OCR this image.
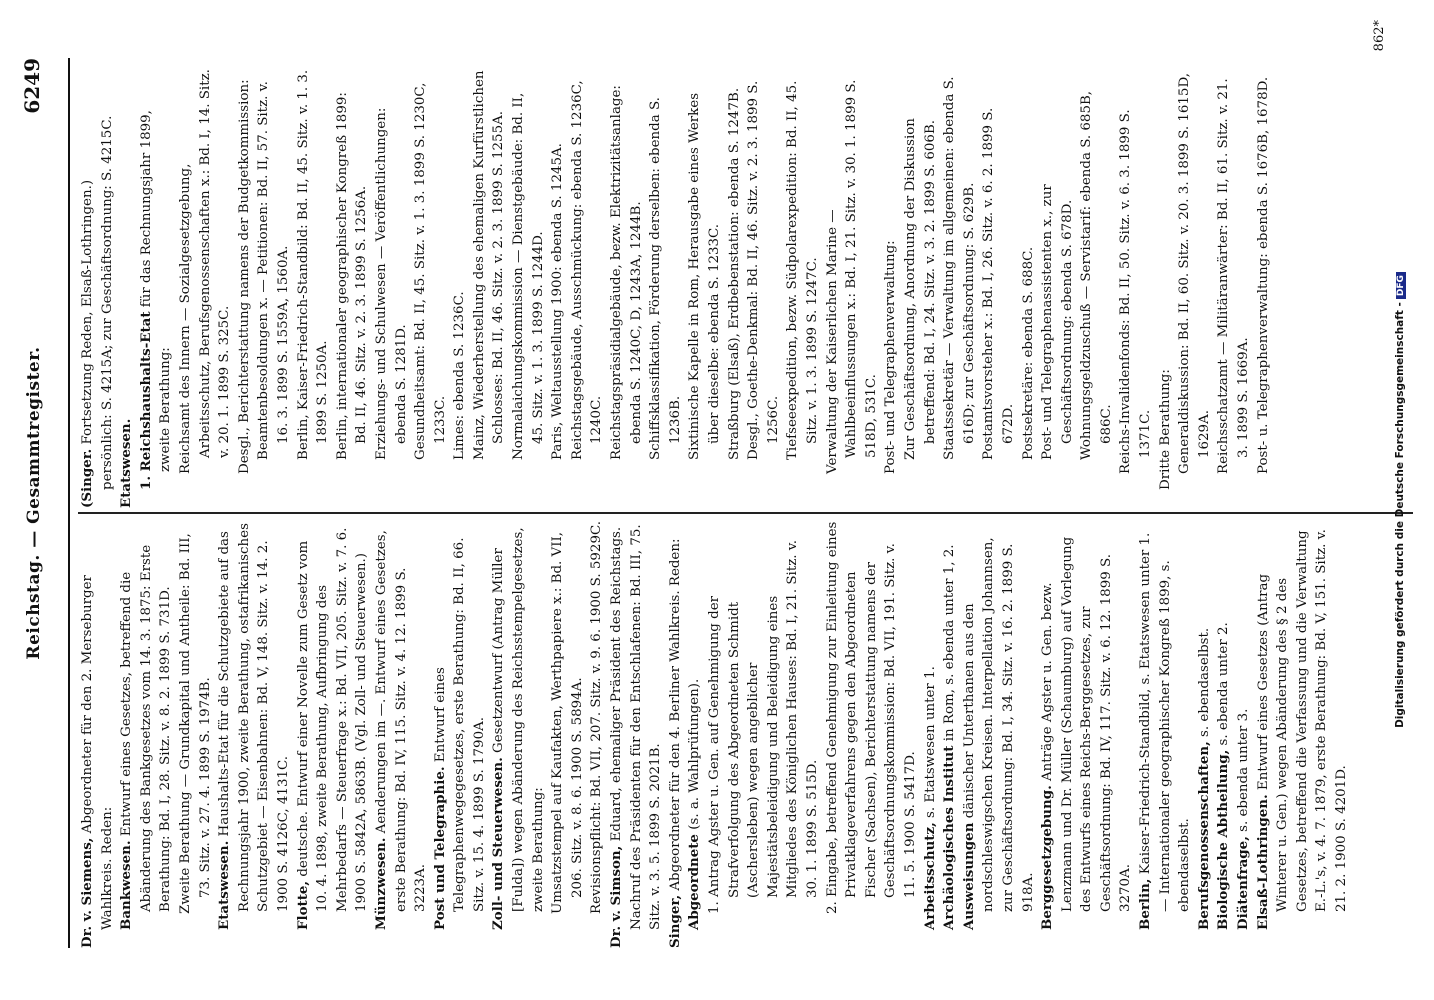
Reichstag. — Gesammtregister.
6249

Dr. v. Siemens, Abgeordneter für den 2. Merseburger Wahlkreis. Reden: Bankwesen. Entwurf eines Gesetzes, betreffend die Abänderung des Bankgesetzes vom 14. 3. 1875: Erste Berathung: Bd. I, 28. Sitz. v. 8. 2. 1899 S. 731D. Zweite Berathung — Grundkapital und Antheile: Bd. III, 73. Sitz. v. 27. 4. 1899 S. 1974B. Etatswesen. Haushalts-Etat für die Schutzgebiete auf das Rechnungsjahr 1900, zweite Berathung, ostafrikanisches Schutzgebiet — Eisenbahnen: Bd. V, 148. Sitz. v. 14. 2. 1900 S. 4126C, 4131C. Flotte, deutsche. Entwurf einer Novelle zum Gesetz vom 10. 4. 1898, zweite Berathung, Aufbringung des Mehrbedarfs — Steuerfrage x.: Bd. VII, 205. Sitz. v. 7. 6. 1900 S. 5842A, 5863B. (Vgl. Zoll- und Steuerwesen.) Münzwesen. Aenderungen im —. Entwurf eines Gesetzes, erste Berathung: Bd. IV, 115. Sitz. v. 4. 12. 1899 S. 3223A. Post und Telegraphie. Entwurf eines Telegraphenwegegesetzes, erste Berathung: Bd. II, 66. Sitz. v. 15. 4. 1899 S. 1790A. Zoll- und Steuerwesen. Gesetzentwurf (Antrag Müller [Fulda]) wegen Abänderung des Reichsstempelgesetzes, zweite Berathung: Umsatzstempel auf Kaufakten, Werthpapiere x.: Bd. VII, 206. Sitz. v. 8. 6. 1900 S. 5894A. Revisionspflicht: Bd. VII, 207. Sitz. v. 9. 6. 1900 S. 5929C. Dr. v. Simson, Eduard, ehemaliger Präsident des Reichstags. Nachruf des Präsidenten für den Entschlafenen: Bd. III, 75. Sitz. v. 3. 5. 1899 S. 2021B. Singer, Abgeordneter für den 4. Berliner Wahlkreis. Reden: Abgeordnete (s. a. Wahlprüfungen). 1. Antrag Agster u. Gen. auf Genehmigung der Strafverfolgung des Abgeordneten Schmidt (Aschersleben) wegen angeblicher Majestätsbeleidigung und Beleidigung eines Mitgliedes des Königlichen Hauses: Bd. I, 21. Sitz. v. 30. 1. 1899 S. 515D. 2. Eingabe, betreffend Genehmigung zur Einleitung eines Privatklageverfahrens gegen den Abgeordneten Fischer (Sachsen), Berichterstattung namens der Geschäftsordnungskommission: Bd. VII, 191. Sitz. v. 11. 5. 1900 S. 5417D. Arbeitsschutz, s. Etatswesen unter 1.

Archäologisches Institut in Rom, s. ebenda unter 1, 2.

Ausweisungen dänischer Unterthanen aus den nordschleswigschen Kreisen. Interpellation Johannsen, zur Geschäftsordnung: Bd. I, 34. Sitz. v. 16. 2. 1899 S. 918A. Berggesetzgebung. Anträge Agster u. Gen. bezw. Lenzmann und Dr. Müller (Schaumburg) auf Vorlegung des Entwurfs eines Reichs-Berggesetzes, zur Geschäftsordnung: Bd. IV, 117. Sitz. v. 6. 12. 1899 S. 3270A. Berlin, Kaiser-Friedrich-Standbild, s. Etatswesen unter 1. — Internationaler geographischer Kongreß 1899, s. ebendaselbst. Berufsgenossenschaften, s. ebendaselbst.

Biologische Abtheilung, s. ebenda unter 2.

Diätenfrage, s. ebenda unter 3.

Elsaß-Lothringen. Entwurf eines Gesetzes (Antrag Winterer u. Gen.) wegen Abänderung des § 2 des Gesetzes, betreffend die Verfassung und die Verwaltung E.-L.'s, v. 4. 7. 1879, erste Berathung: Bd. V, 151. Sitz. v. 21. 2. 1900 S. 4201D.

(Singer. Fortsetzung Reden, Elsaß-Lothringen.) persönlich: S. 4215A; zur Geschäftsordnung: S. 4215C. Etatswesen. 1. Reichshaushalts-Etat für das Rechnungsjahr 1899, zweite Berathung: Reichsamt des Innern — Sozialgesetzgebung, Arbeitsschutz, Berufsgenossenschaften x.: Bd. I, 14. Sitz. v. 20. 1. 1899 S. 325C. Desgl., Berichterstattung namens der Budgetkommission: Beamtenbesoldungen x. — Petitionen: Bd. II, 57. Sitz. v. 16. 3. 1899 S. 1559A, 1560A. Berlin, Kaiser-Friedrich-Standbild: Bd. II, 45. Sitz. v. 1. 3. 1899 S. 1250A. Berlin, internationaler geographischer Kongreß 1899: Bd. II, 46. Sitz. v. 2. 3. 1899 S. 1256A. Erziehungs- und Schulwesen — Veröffentlichungen: ebenda S. 1281D. Gesundheitsamt: Bd. II, 45. Sitz. v. 1. 3. 1899 S. 1230C, 1233C. Limes: ebenda S. 1236C. Mainz, Wiederherstellung des ehemaligen Kurfürstlichen Schlosses: Bd. II, 46. Sitz. v. 2. 3. 1899 S. 1255A. Normalaichungskommission — Dienstgebäude: Bd. II, 45. Sitz. v. 1. 3. 1899 S. 1244D. Paris, Weltausstellung 1900: ebenda S. 1245A. Reichstagsgebäude, Ausschmückung: ebenda S. 1236C, 1240C. Reichstagspräsidialgebäude, bezw. Elektrizitätsanlage: ebenda S. 1240C, D, 1243A, 1244B. Schiffsklassifikation, Förderung derselben: ebenda S. 1236B. Sixtinische Kapelle in Rom, Herausgabe eines Werkes über dieselbe: ebenda S. 1233C. Straßburg (Elsaß), Erdbebenstation: ebenda S. 1247B. Desgl., Goethe-Denkmal: Bd. II, 46. Sitz. v. 2. 3. 1899 S. 1256C. Tiefseeexpedition, bezw. Südpolarexpedition: Bd. II, 45. Sitz. v. 1. 3. 1899 S. 1247C. Verwaltung der Kaiserlichen Marine — Wahlbeeinflussungen x.: Bd. I, 21. Sitz. v. 30. 1. 1899 S. 518D, 531C. Post- und Telegraphenverwaltung: Zur Geschäftsordnung, Anordnung der Diskussion betreffend: Bd. I, 24. Sitz. v. 3. 2. 1899 S. 606B. Staatssekretär — Verwaltung im allgemeinen: ebenda S. 616D; zur Geschäftsordnung: S. 629B. Postamtsvorsteher x.: Bd. I, 26. Sitz. v. 6. 2. 1899 S. 672D. Postsekretäre: ebenda S. 688C. Post- und Telegraphenassistenten x., zur Geschäftsordnung: ebenda S. 678D. Wohnungsgeldzuschuß — Servistarif: ebenda S. 685B, 686C. Reichs-Invalidenfonds: Bd. II, 50. Sitz. v. 6. 3. 1899 S. 1371C. Dritte Berathung: Generaldiskussion: Bd. II, 60. Sitz. v. 20. 3. 1899 S. 1615D, 1629A. Reichsschatzamt — Militäranwärter: Bd. II, 61. Sitz. v. 21. 3. 1899 S. 1669A. Post- u. Telegraphenverwaltung: ebenda S. 1676B, 1678D.

862*
Digitalisierung gefördert durch die Deutsche Forschungsgemeinschaft -DFG
